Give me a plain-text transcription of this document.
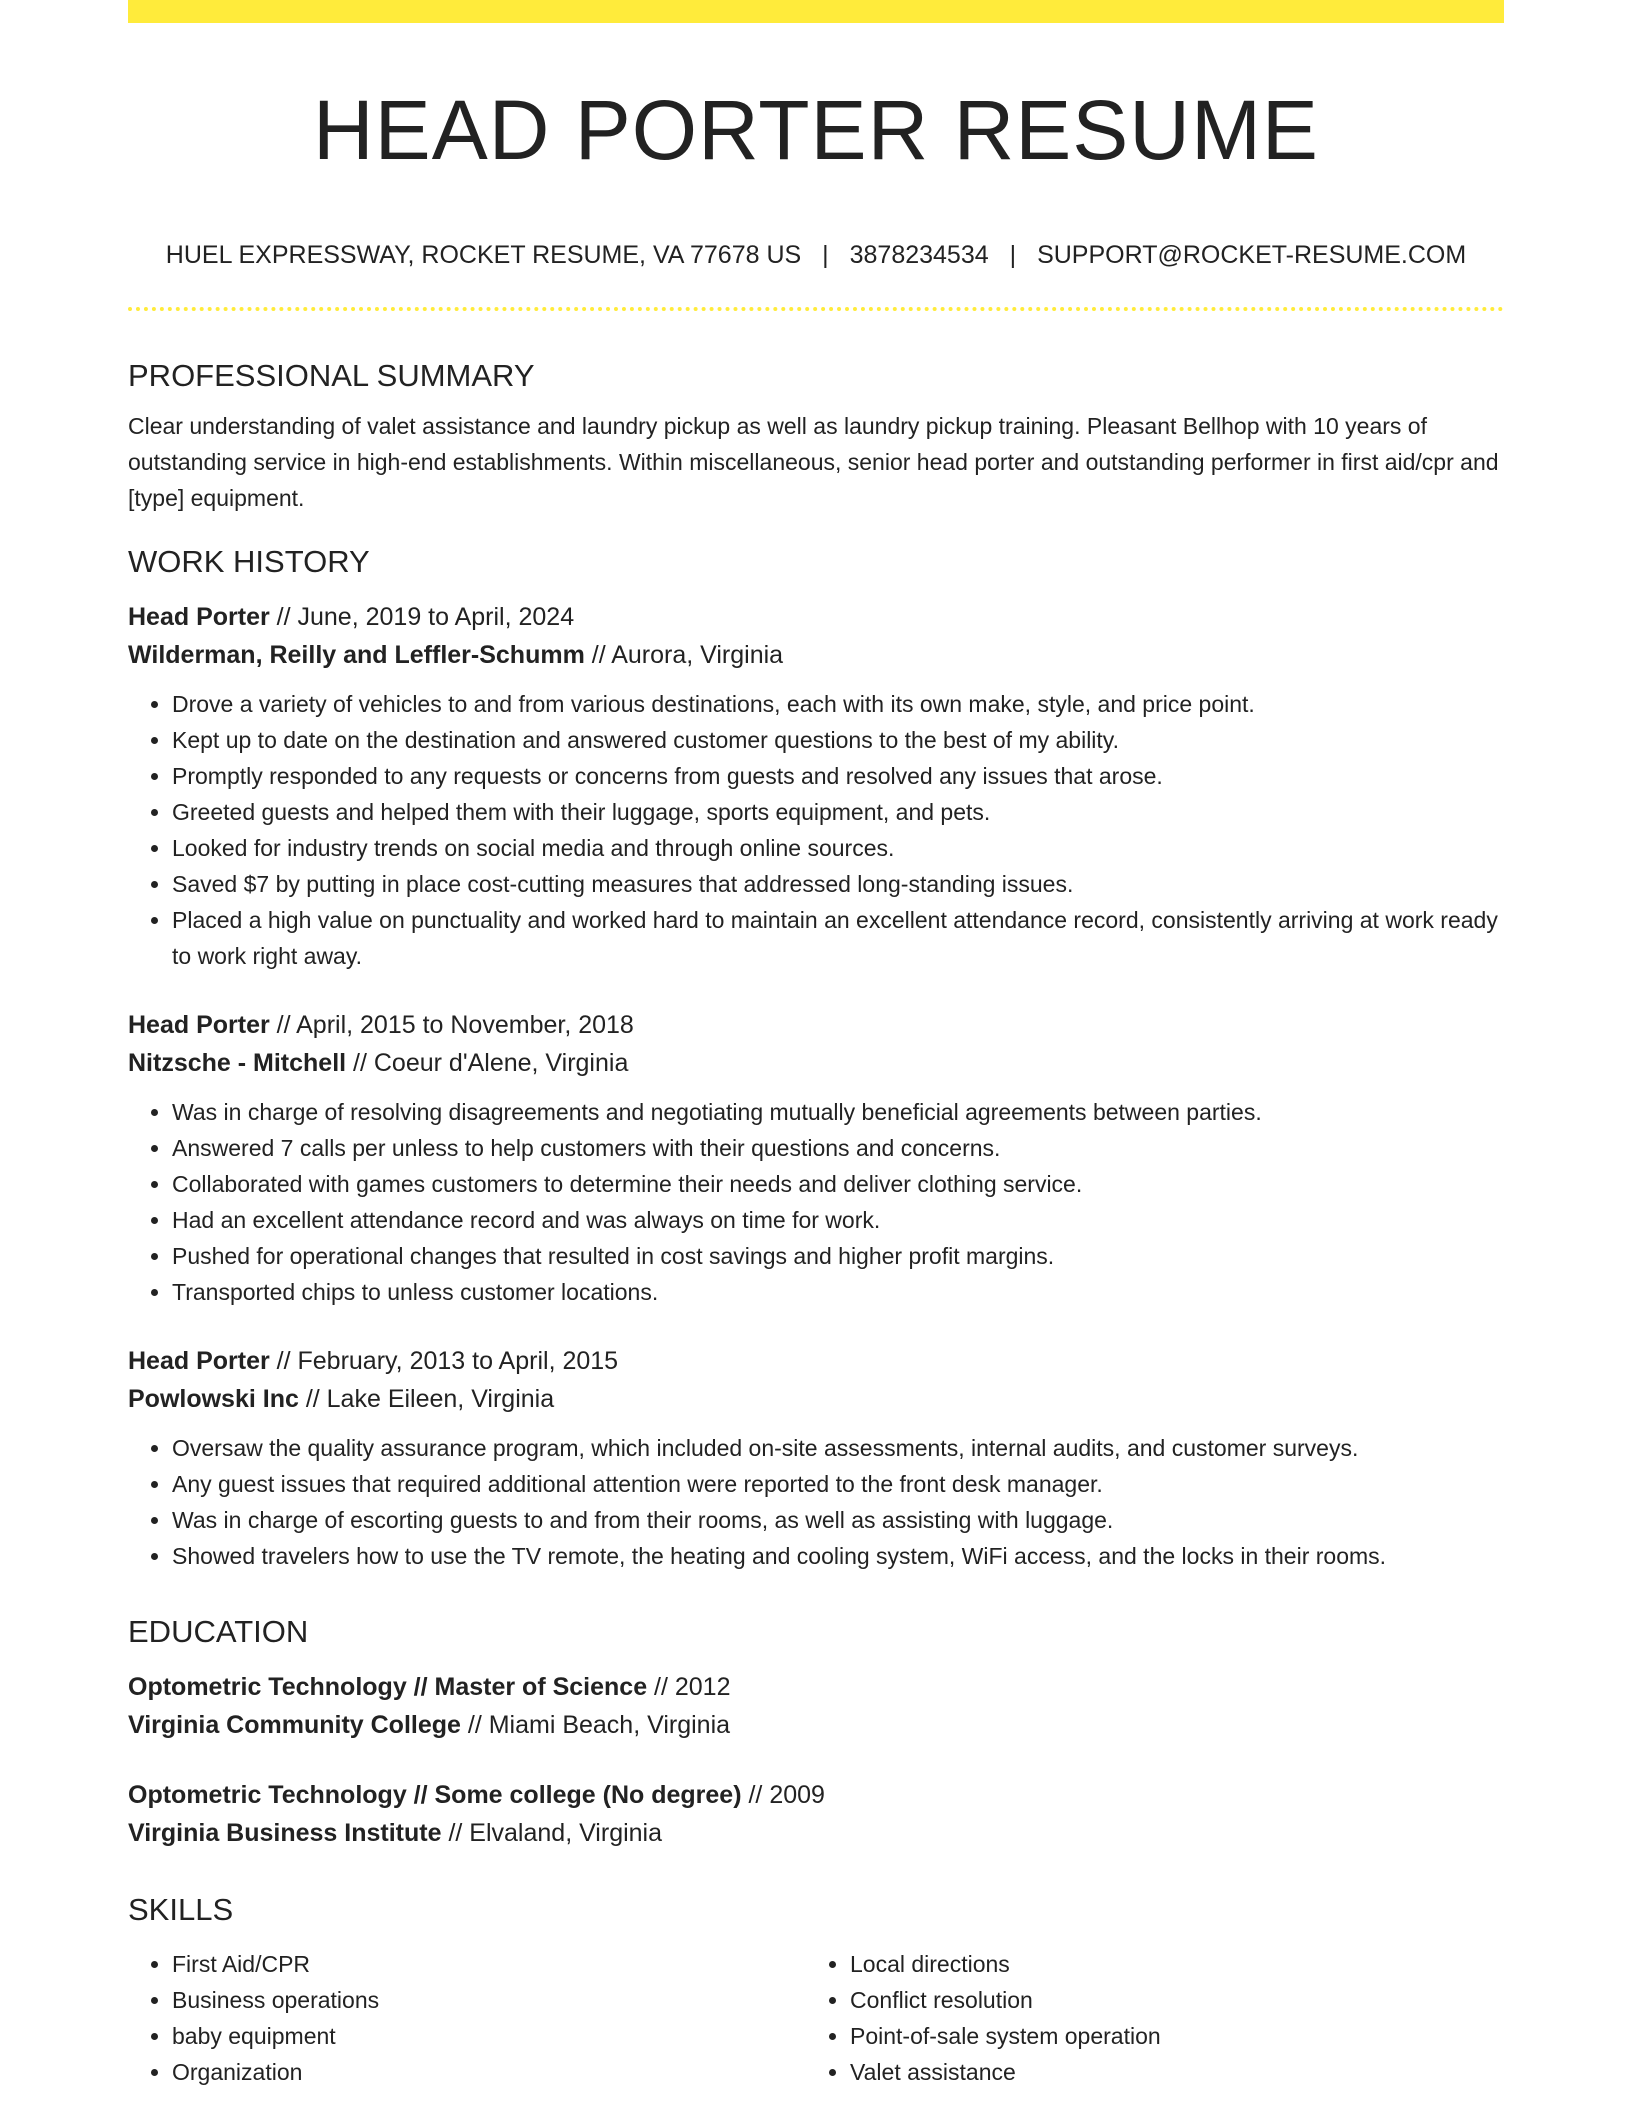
HEAD PORTER RESUME
HUEL EXPRESSWAY, ROCKET RESUME, VA 77678 US | 3878234534 | SUPPORT@ROCKET-RESUME.COM
PROFESSIONAL SUMMARY

Clear understanding of valet assistance and laundry pickup as well as laundry pickup training. Pleasant Bellhop with 10 years of outstanding service in high-end establishments. Within miscellaneous, senior head porter and outstanding performer in first aid/cpr and [type] equipment.

WORK HISTORY
Head Porter // June, 2019 to April, 2024
Wilderman, Reilly and Leffler-Schumm // Aurora, Virginia
• Drove a variety of vehicles to and from various destinations, each with its own make, style, and price point.
• Kept up to date on the destination and answered customer questions to the best of my ability.
• Promptly responded to any requests or concerns from guests and resolved any issues that arose.
• Greeted guests and helped them with their luggage, sports equipment, and pets.
• Looked for industry trends on social media and through online sources.
• Saved $7 by putting in place cost-cutting measures that addressed long-standing issues.
• Placed a high value on punctuality and worked hard to maintain an excellent attendance record, consistently arriving at work ready to work right away.
Head Porter // April, 2015 to November, 2018
Nitzsche - Mitchell // Coeur d'Alene, Virginia
• Was in charge of resolving disagreements and negotiating mutually beneficial agreements between parties.
• Answered 7 calls per unless to help customers with their questions and concerns.
• Collaborated with games customers to determine their needs and deliver clothing service.
• Had an excellent attendance record and was always on time for work.
• Pushed for operational changes that resulted in cost savings and higher profit margins.
• Transported chips to unless customer locations.
Head Porter // February, 2013 to April, 2015
Powlowski Inc // Lake Eileen, Virginia
• Oversaw the quality assurance program, which included on-site assessments, internal audits, and customer surveys.
• Any guest issues that required additional attention were reported to the front desk manager.
• Was in charge of escorting guests to and from their rooms, as well as assisting with luggage.
• Showed travelers how to use the TV remote, the heating and cooling system, WiFi access, and the locks in their rooms.
EDUCATION
Optometric Technology // Master of Science // 2012
Virginia Community College // Miami Beach, Virginia
Optometric Technology // Some college (No degree) // 2009
Virginia Business Institute // Elvaland, Virginia
SKILLS
• First Aid/CPR
• Business operations
• baby equipment
• Organization
• Local directions
• Conflict resolution
• Point-of-sale system operation
• Valet assistance
